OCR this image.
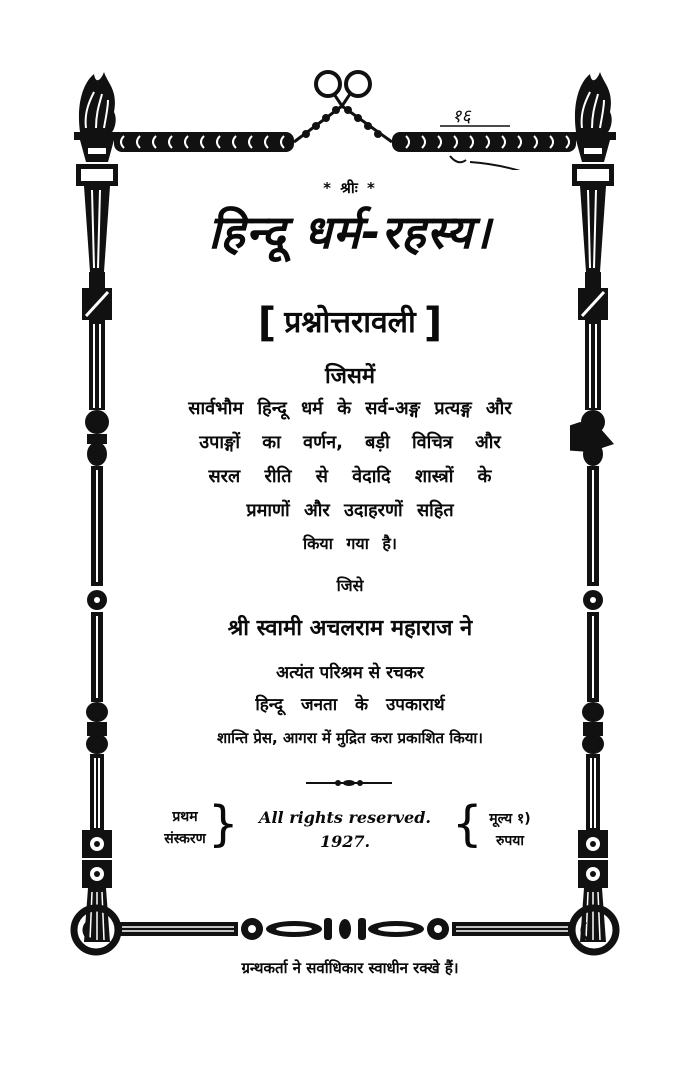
१६
* श्रीः *
हिन्दू धर्म-रहस्य।
[ प्रश्नोत्तरावली ]
जिसमें
सार्वभौम हिन्दू धर्म के सर्व-अङ्ग प्रत्यङ्ग और
उपाङ्गों का वर्णन, बड़ी विचित्र और
सरल रीति से वेदादि शास्त्रों के
प्रमाणों और उदाहरणों सहित
किया गया है।
जिसे
श्री स्वामी अचलराम महाराज ने
अत्यंत परिश्रम से रचकर
हिन्दू जनता के उपकारार्थ
शान्ति प्रेस, आगरा में मुद्रित करा प्रकाशित किया।
प्रथम
संस्करण }	All rights reserved.
1927.	{ मूल्य १)
रुपया
ग्रन्थकर्ता ने सर्वाधिकार स्वाधीन रक्खे हैं।
